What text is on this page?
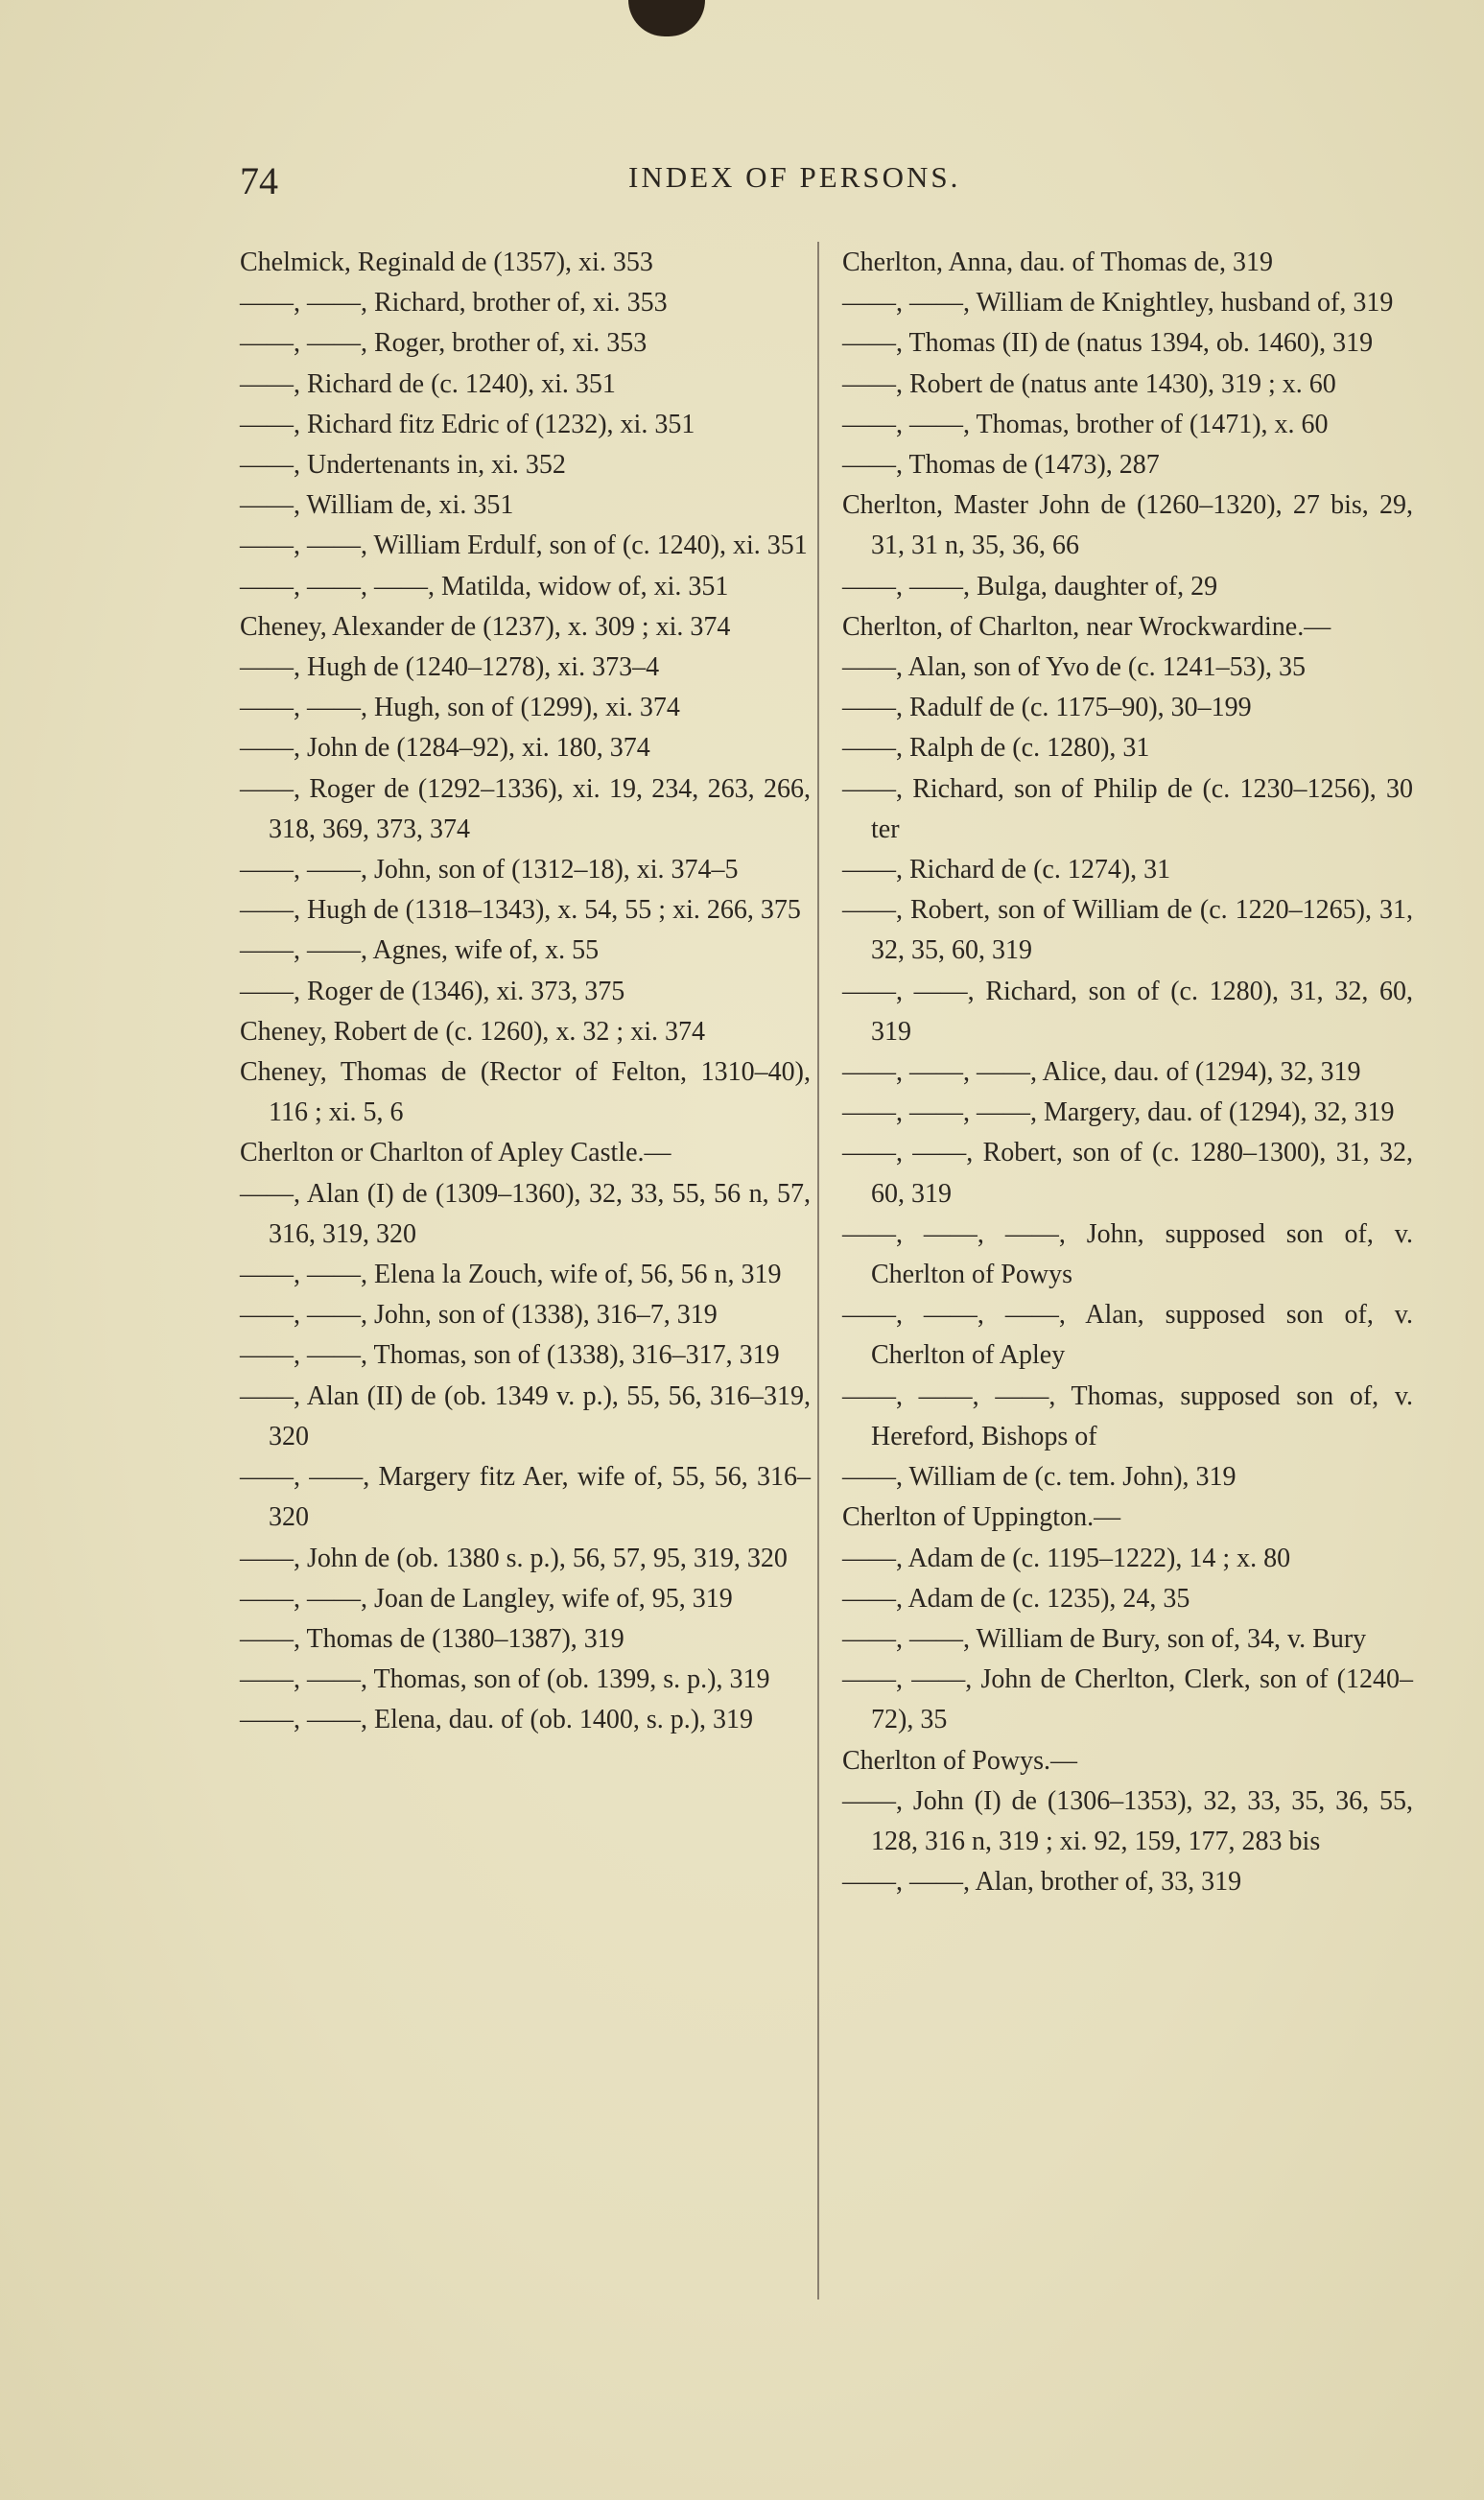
74	INDEX OF PERSONS.
Chelmick, Reginald de (1357), xi. 353
——, ——, Richard, brother of, xi. 353
——, ——, Roger, brother of, xi. 353
——, Richard de (c. 1240), xi. 351
——, Richard fitz Edric of (1232), xi. 351
——, Undertenants in, xi. 352
——, William de, xi. 351
——, ——, William Erdulf, son of (c. 1240), xi. 351
——, ——, ——, Matilda, widow of, xi. 351
Cheney, Alexander de (1237), x. 309 ; xi. 374
——, Hugh de (1240–1278), xi. 373–4
——, ——, Hugh, son of (1299), xi. 374
——, John de (1284–92), xi. 180, 374
——, Roger de (1292–1336), xi. 19, 234, 263, 266, 318, 369, 373, 374
——, ——, John, son of (1312–18), xi. 374–5
——, Hugh de (1318–1343), x. 54, 55 ; xi. 266, 375
——, ——, Agnes, wife of, x. 55
——, Roger de (1346), xi. 373, 375
Cheney, Robert de (c. 1260), x. 32 ; xi. 374
Cheney, Thomas de (Rector of Felton, 1310–40), 116 ; xi. 5, 6
Cherlton or Charlton of Apley Castle.—
——, Alan (I) de (1309–1360), 32, 33, 55, 56 n, 57, 316, 319, 320
——, ——, Elena la Zouch, wife of, 56, 56 n, 319
——, ——, John, son of (1338), 316–7, 319
——, ——, Thomas, son of (1338), 316–317, 319
——, Alan (II) de (ob. 1349 v. p.), 55, 56, 316–319, 320
——, ——, Margery fitz Aer, wife of, 55, 56, 316–320
——, John de (ob. 1380 s. p.), 56, 57, 95, 319, 320
——, ——, Joan de Langley, wife of, 95, 319
——, Thomas de (1380–1387), 319
——, ——, Thomas, son of (ob. 1399, s. p.), 319
——, ——, Elena, dau. of (ob. 1400, s. p.), 319
Cherlton, Anna, dau. of Thomas de, 319
——, ——, William de Knightley, husband of, 319
——, Thomas (II) de (natus 1394, ob. 1460), 319
——, Robert de (natus ante 1430), 319 ; x. 60
——, ——, Thomas, brother of (1471), x. 60
——, Thomas de (1473), 287
Cherlton, Master John de (1260–1320), 27 bis, 29, 31, 31 n, 35, 36, 66
——, ——, Bulga, daughter of, 29
Cherlton, of Charlton, near Wrockwardine.—
——, Alan, son of Yvo de (c. 1241–53), 35
——, Radulf de (c. 1175–90), 30–199
——, Ralph de (c. 1280), 31
——, Richard, son of Philip de (c. 1230–1256), 30 ter
——, Richard de (c. 1274), 31
——, Robert, son of William de (c. 1220–1265), 31, 32, 35, 60, 319
——, ——, Richard, son of (c. 1280), 31, 32, 60, 319
——, ——, ——, Alice, dau. of (1294), 32, 319
——, ——, ——, Margery, dau. of (1294), 32, 319
——, ——, Robert, son of (c. 1280–1300), 31, 32, 60, 319
——, ——, ——, John, supposed son of, v. Cherlton of Powys
——, ——, ——, Alan, supposed son of, v. Cherlton of Apley
——, ——, ——, Thomas, supposed son of, v. Hereford, Bishops of
——, William de (c. tem. John), 319
Cherlton of Uppington.—
——, Adam de (c. 1195–1222), 14 ; x. 80
——, Adam de (c. 1235), 24, 35
——, ——, William de Bury, son of, 34, v. Bury
——, ——, John de Cherlton, Clerk, son of (1240–72), 35
Cherlton of Powys.—
——, John (I) de (1306–1353), 32, 33, 35, 36, 55, 128, 316 n, 319 ; xi. 92, 159, 177, 283 bis
——, ——, Alan, brother of, 33, 319
